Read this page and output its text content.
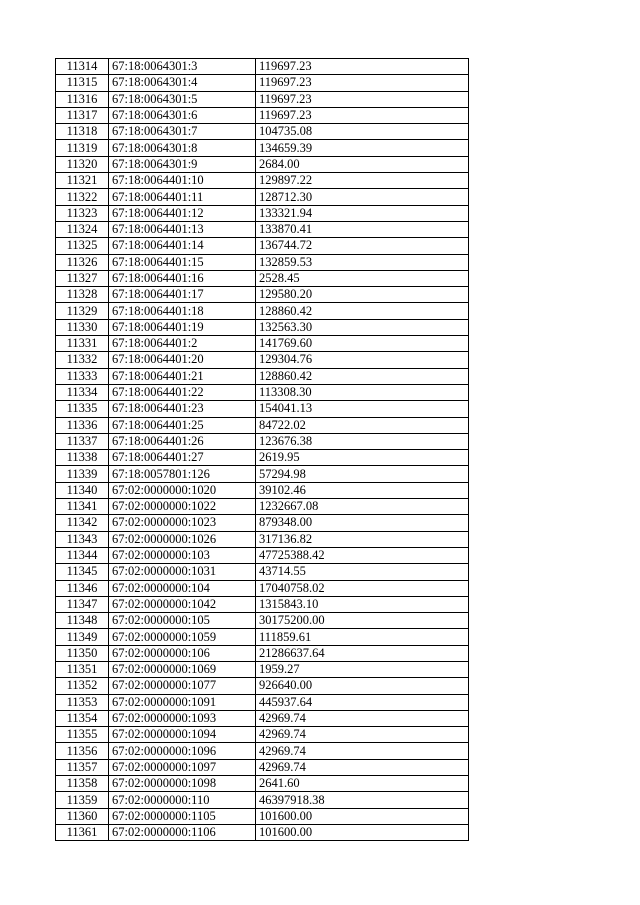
11314	67:18:0064301:3	119697.23
11315	67:18:0064301:4	119697.23
11316	67:18:0064301:5	119697.23
11317	67:18:0064301:6	119697.23
11318	67:18:0064301:7	104735.08
11319	67:18:0064301:8	134659.39
11320	67:18:0064301:9	2684.00
11321	67:18:0064401:10	129897.22
11322	67:18:0064401:11	128712.30
11323	67:18:0064401:12	133321.94
11324	67:18:0064401:13	133870.41
11325	67:18:0064401:14	136744.72
11326	67:18:0064401:15	132859.53
11327	67:18:0064401:16	2528.45
11328	67:18:0064401:17	129580.20
11329	67:18:0064401:18	128860.42
11330	67:18:0064401:19	132563.30
11331	67:18:0064401:2	141769.60
11332	67:18:0064401:20	129304.76
11333	67:18:0064401:21	128860.42
11334	67:18:0064401:22	113308.30
11335	67:18:0064401:23	154041.13
11336	67:18:0064401:25	84722.02
11337	67:18:0064401:26	123676.38
11338	67:18:0064401:27	2619.95
11339	67:18:0057801:126	57294.98
11340	67:02:0000000:1020	39102.46
11341	67:02:0000000:1022	1232667.08
11342	67:02:0000000:1023	879348.00
11343	67:02:0000000:1026	317136.82
11344	67:02:0000000:103	47725388.42
11345	67:02:0000000:1031	43714.55
11346	67:02:0000000:104	17040758.02
11347	67:02:0000000:1042	1315843.10
11348	67:02:0000000:105	30175200.00
11349	67:02:0000000:1059	111859.61
11350	67:02:0000000:106	21286637.64
11351	67:02:0000000:1069	1959.27
11352	67:02:0000000:1077	926640.00
11353	67:02:0000000:1091	445937.64
11354	67:02:0000000:1093	42969.74
11355	67:02:0000000:1094	42969.74
11356	67:02:0000000:1096	42969.74
11357	67:02:0000000:1097	42969.74
11358	67:02:0000000:1098	2641.60
11359	67:02:0000000:110	46397918.38
11360	67:02:0000000:1105	101600.00
11361	67:02:0000000:1106	101600.00
